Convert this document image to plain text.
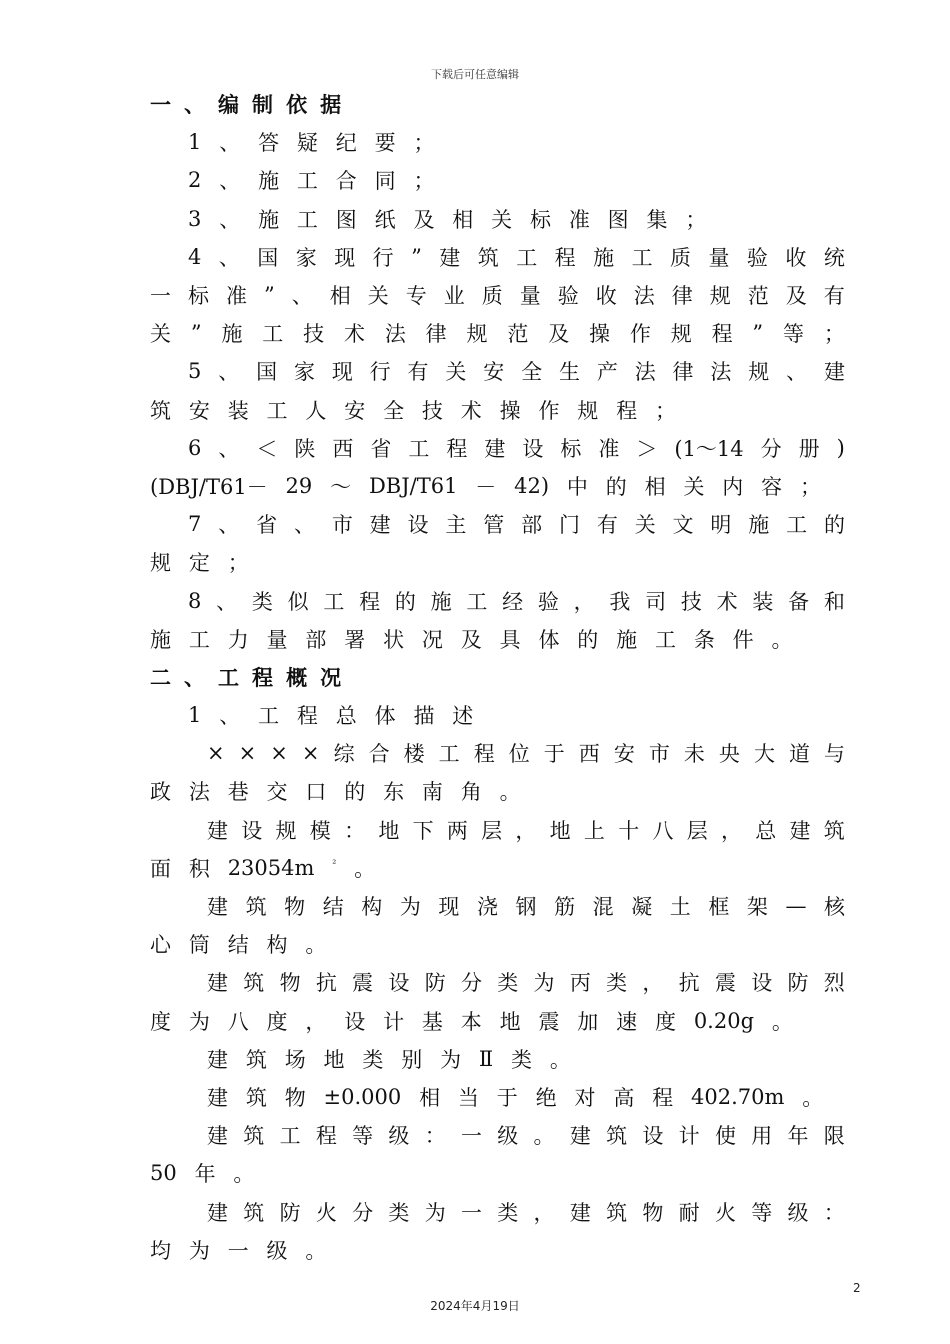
下载后可任意编辑
一 、 编 制 依 据
1 、 答 疑 纪 要 ；
2 、 施 工 合 同 ；
3 、 施 工 图 纸 及 相 关 标 准 图 集 ；
4 、 国 家 现 行 ” 建 筑 工 程 施 工 质 量 验 收 统
一 标 准 ” 、 相 关 专 业 质 量 验 收 法 律 规 范 及 有
关 ” 施 工 技 术 法 律 规 范 及 操 作 规 程 ” 等 ；
5 、 国 家 现 行 有 关 安 全 生 产 法 律 法 规 、 建
筑 安 装 工 人 安 全 技 术 操 作 规 程 ；
6 、 ＜ 陕 西 省 工 程 建 设 标 准 ＞ (1～14 分 册 )
(DBJ/T61－ 29 ～ DBJ/T61 － 42) 中 的 相 关 内 容 ；
7 、 省 、 市 建 设 主 管 部 门 有 关 文 明 施 工 的
规 定 ；
8 、 类 似 工 程 的 施 工 经 验 ， 我 司 技 术 装 备 和
施 工 力 量 部 署 状 况 及 具 体 的 施 工 条 件 。
二 、 工 程 概 况
1 、 工 程 总 体 描 述
× × × × 综 合 楼 工 程 位 于 西 安 市 未 央 大 道 与
政 法 巷 交 口 的 东 南 角 。
建 设 规 模 ： 地 下 两 层 ， 地 上 十 八 层 ， 总 建 筑
面 积 23054m $^{^2}$ 。
建 筑 物 结 构 为 现 浇 钢 筋 混 凝 土 框 架 — 核
心 筒 结 构 。
建 筑 物 抗 震 设 防 分 类 为 丙 类 ， 抗 震 设 防 烈
度 为 八 度 ， 设 计 基 本 地 震 加 速 度 0.20g 。
建 筑 场 地 类 别 为 Ⅱ 类 。
建 筑 物 ±0.000 相 当 于 绝 对 高 程 402.70m 。
建 筑 工 程 等 级 ： 一 级 。 建 筑 设 计 使 用 年 限
50 年 。
建 筑 防 火 分 类 为 一 类 ， 建 筑 物 耐 火 等 级 ：
均 为 一 级 。
2
2024年4月19日
